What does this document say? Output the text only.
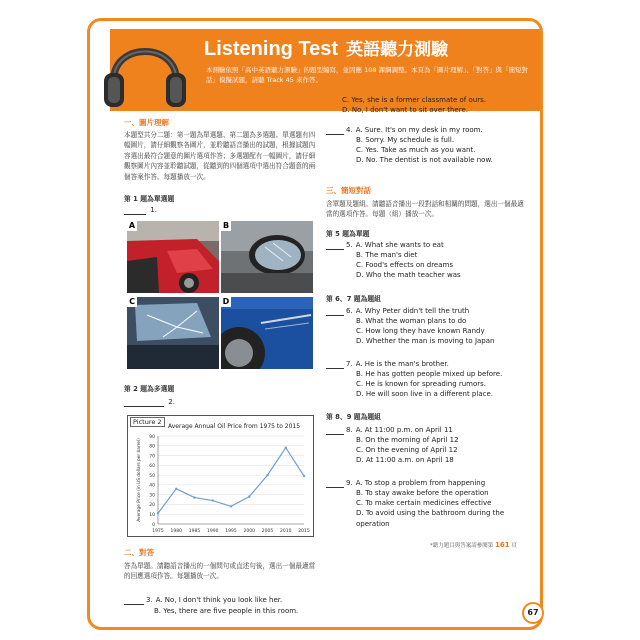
Listening Test 英語聽力測驗
本測驗依照「高中英語聽力測驗」的題型編寫，並因應 108 課綱調整。本頁為「圖片理解」、「對答」與「簡短對話」模擬試題，請聽 Track 45 來作答。
一、圖片理解
本題型共分二題：第一題為單選題、第二題為多選題。單選題有四幅圖片，請仔細觀察各圖片，並聆聽語音播出的試題，根據試題內容選出最符合題意的圖片選項作答；多選題配有一幅圖片，請仔細觀察圖片內容並聆聽試題，從聽到的四個選項中選出符合題意的兩個答案作答。每題播放一次。
第 1 題為單選題
1.
A	B
C	D
第 2 題為多選題
2.
Picture 2
Average Annual Oil Price from 1975 to 2015
0
10
20
30
40
50
60
70
80
90
1975 1980 1985 1990 1995 2000 2005 2010 2015
Average Price (in US dollars per barrel)
二、對答
答為單題。請聽語音播出的一個問句或直述句後，選出一個最適當的回應選項作答。每題播放一次。
3. A. No, I don't think you look like her.
B. Yes, there are five people in this room.
C. Yes, she is a former classmate of ours.
D. No, I don't want to sit over there.
4. A. Sure. It's on my desk in my room.
B. Sorry. My schedule is full.
C. Yes. Take as much as you want.
D. No. The dentist is not available now.
三、簡短對話
含單題及題組。請聽語音播出一段對話和相關的問題，選出一個最適當的選項作答。每題（組）播放一次。
第 5 題為單題
5. A. What she wants to eat
B. The man's diet
C. Food's effects on dreams
D. Who the math teacher was
第 6、7 題為題組
6. A. Why Peter didn't tell the truth
B. What the woman plans to do
C. How long they have known Randy
D. Whether the man is moving to Japan
7. A. He is the man's brother.
B. He has gotten people mixed up before.
C. He is known for spreading rumors.
D. He will soon live in a different place.
第 8、9 題為題組
8. A. At 11:00 p.m. on April 11
B. On the morning of April 12
C. On the evening of April 12
D. At 11:00 a.m. on April 18
9. A. To stop a problem from happening
B. To stay awake before the operation
C. To make certain medicines effective
D. To avoid using the bathroom during the
operation
*聽力題目與答案請參閱第 161 頁
67
